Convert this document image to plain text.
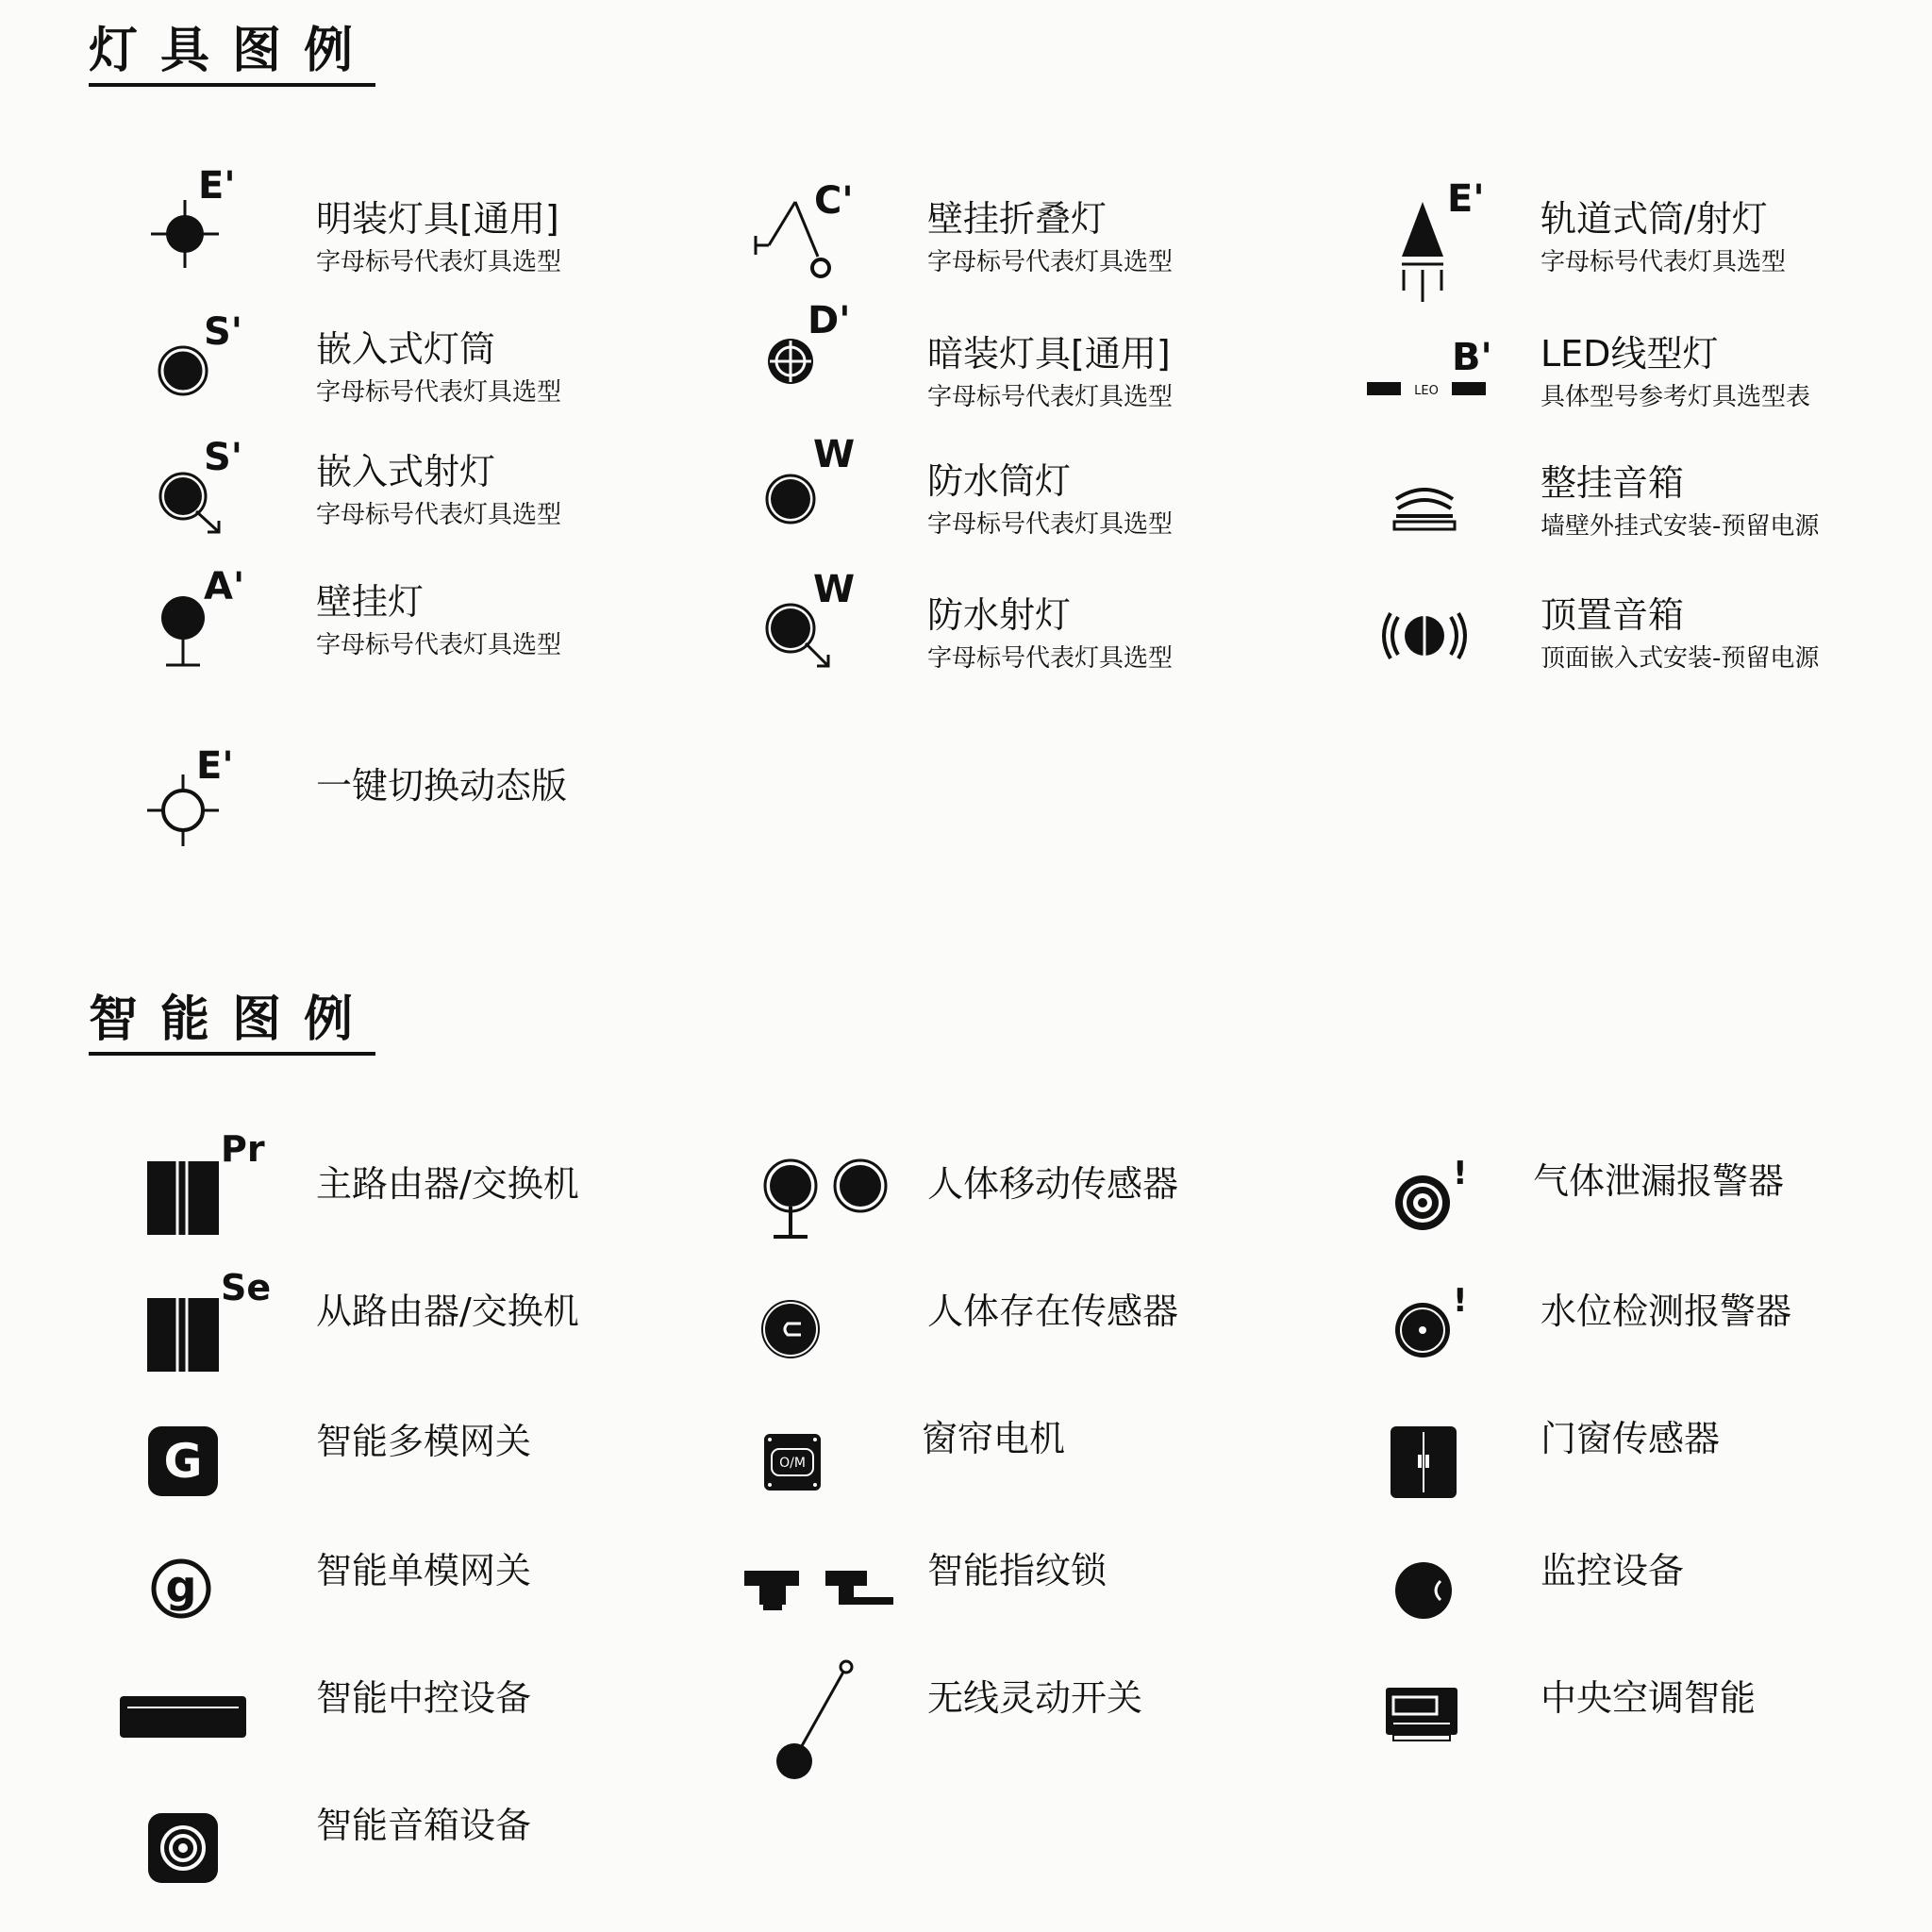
灯具图例
E'
明装灯具[通用]
字母标号代表灯具选型
S' 嵌入式灯筒
字母标号代表灯具选型
S' 嵌入式射灯
字母标号代表灯具选型
A' 壁挂灯
字母标号代表灯具选型
E' 一键切换动态版
C' 壁挂折叠灯
字母标号代表灯具选型
D'
暗装灯具[通用]
字母标号代表灯具选型
W
防水筒灯
字母标号代表灯具选型
W
防水射灯
字母标号代表灯具选型
E' 轨道式筒/射灯
字母标号代表灯具选型
LEO
B' LED线型灯
具体型号参考灯具选型表
整挂音箱
墙壁外挂式安装-预留电源
顶置音箱
顶面嵌入式安装-预留电源
智能图例
Pr
主路由器/交换机
Se
从路由器/交换机
G	智能多模网关
g	智能单模网关
智能中控设备
智能音箱设备
人体移动传感器
人体存在传感器
O/M
窗帘电机
智能指纹锁
无线灵动开关
! 气体泄漏报警器
! 水位检测报警器
门窗传感器
监控设备
中央空调智能
